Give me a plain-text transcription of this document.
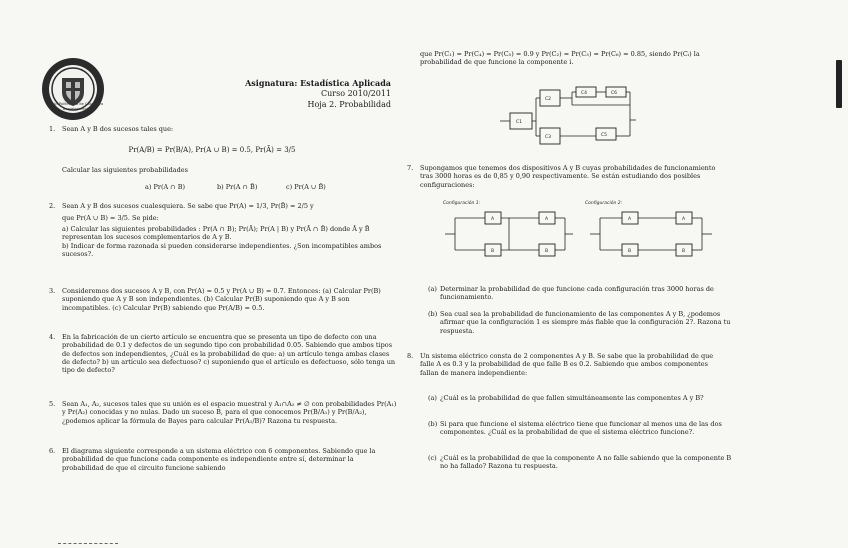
Univ. Politècnica de Catalunya
BarcelonaTech
Asignatura: Estadística Aplicada
Curso 2010/2011
Hoja 2. Probabilidad
1. Sean A y B dos sucesos tales que:
Pr(A/B) = Pr(B/A), Pr(A ∪ B) = 0.5, Pr(Ā) = 3/5
Calcular las siguientes probabilidades
a) Pr(A ∩ B)	b) Pr(A ∩ B̄)	c) Pr(A ∪ B̄)
2. Sean A y B dos sucesos cualesquiera. Se sabe que Pr(A) = 1/3, Pr(B̄) = 2/5 y
que Pr(A ∪ B) = 3/5. Se pide:
a) Calcular las siguientes probabilidades : Pr(A ∩ B); Pr(Ā); Pr(A | B) y Pr(Ā ∩ B̄) donde Ā y B̄ representan los sucesos complementarios de A y B.
b) Indicar de forma razonada si pueden considerarse independientes. ¿Son incompatibles ambos sucesos?.
3. Consideremos dos sucesos A y B, con Pr(A) = 0.5 y Pr(A ∪ B) = 0.7. Entonces: (a) Calcular Pr(B) suponiendo que A y B son independientes. (b) Calcular Pr(B) suponiendo que A y B son incompatibles. (c) Calcular Pr(B) sabiendo que Pr(A/B) = 0.5.
4. En la fabricación de un cierto artículo se encuentra que se presenta un tipo de defecto con una probabilidad de 0.1 y defectos de un segundo tipo con probabilidad 0.05. Sabiendo que ambos tipos de defectos son independientes, ¿Cuál es la probabilidad de que: a) un artículo tenga ambas clases de defecto? b) un artículo sea defectuoso? c) suponiendo que el artículo es defectuoso, sólo tenga un tipo de defecto?
5. Sean A₁, A₂, sucesos tales que su unión es el espacio muestral y A₁∩A₂ ≠ ∅ con probabilidades Pr(A₁) y Pr(A₂) conocidas y no nulas. Dado un suceso B, para el que conocemos Pr(B/A₁) y Pr(B/A₂), ¿podemos aplicar la fórmula de Bayes para calcular Pr(A₁/B)? Razona tu respuesta.
6. El diagrama siguiente corresponde a un sistema eléctrico con 6 componentes. Sabiendo que la probabilidad de que funcione cada componente es independiente entre sí, determinar la probabilidad de que el circuito funcione sabiendo
que Pr(C₁) = Pr(C₄) = Pr(C₅) = 0.9 y Pr(C₂) = Pr(C₃) = Pr(C₆) = 0.85, siendo Pr(Cᵢ) la probabilidad de que funcione la componente i.
C1
C2
C4	C6
C3	C5
7. Supongamos que tenemos dos dispositivos A y B cuyas probabilidades de funcionamiento tras 3000 horas es de 0,85 y 0,90 respectivamente. Se están estudiando dos posibles configuraciones:
Configuración 1:	Configuración 2:
A	A
B	B
A	A
B	B
(a) Determinar la probabilidad de que funcione cada configuración tras 3000 horas de funcionamiento.
(b) Sea cual sea la probabilidad de funcionamiento de las componentes A y B, ¿podemos afirmar que la configuración 1 es siempre más fiable que la configuración 2?. Razona tu respuesta.
8. Un sistema eléctrico consta de 2 componentes A y B. Se sabe que la probabilidad de que falle A es 0.3 y la probabilidad de que falle B es 0.2. Sabiendo que ambos componentes fallan de manera independiente:
(a) ¿Cuál es la probabilidad de que fallen simultáneamente las componentes A y B?
(b) Si para que funcione el sistema eléctrico tiene que funcionar al menos una de las dos componentes. ¿Cuál es la probabilidad de que el sistema eléctrico funcione?.
(c) ¿Cuál es la probabilidad de que la componente A no falle sabiendo que la componente B no ha fallado? Razona tu respuesta.
